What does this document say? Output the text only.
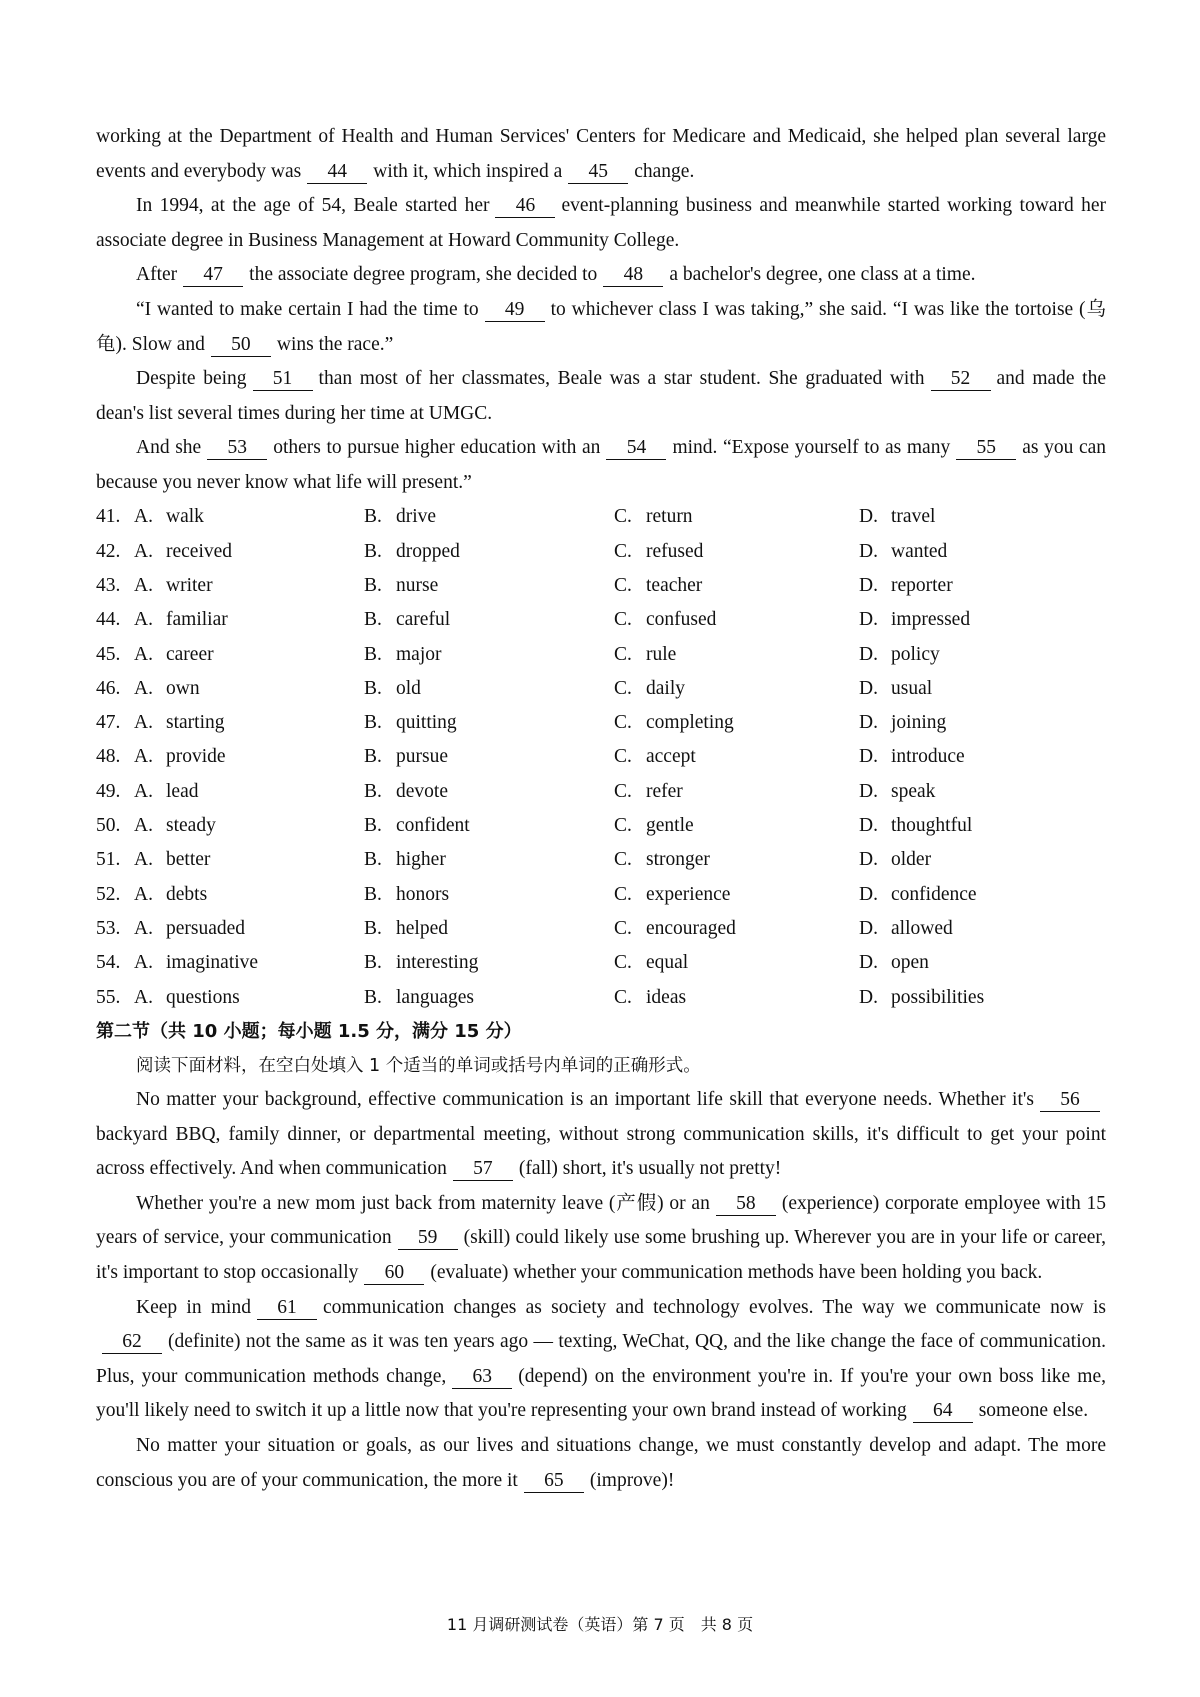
working at the Department of Health and Human Services' Centers for Medicare and Medicaid, she helped plan several large events and everybody was 44 with it, which inspired a 45 change.

In 1994, at the age of 54, Beale started her 46 event-planning business and meanwhile started working toward her associate degree in Business Management at Howard Community College.

After 47 the associate degree program, she decided to 48 a bachelor's degree, one class at a time.

“I wanted to make certain I had the time to 49 to whichever class I was taking,” she said. “I was like the tortoise (乌龟). Slow and 50 wins the race.”

Despite being 51 than most of her classmates, Beale was a star student. She graduated with 52 and made the dean's list several times during her time at UMGC.

And she 53 others to pursue higher education with an 54 mind. “Expose yourself to as many 55 as you can because you never know what life will present.”

41. A. walk	B. drive	C. return	D. travel
42. A. received	B. dropped	C. refused	D. wanted
43. A. writer	B. nurse	C. teacher	D. reporter
44. A. familiar	B. careful	C. confused	D. impressed
45. A. career	B. major	C. rule	D. policy
46. A. own	B. old	C. daily	D. usual
47. A. starting	B. quitting	C. completing	D. joining
48. A. provide	B. pursue	C. accept	D. introduce
49. A. lead	B. devote	C. refer	D. speak
50. A. steady	B. confident	C. gentle	D. thoughtful
51. A. better	B. higher	C. stronger	D. older
52. A. debts	B. honors	C. experience	D. confidence
53. A. persuaded	B. helped	C. encouraged	D. allowed
54. A. imaginative	B. interesting	C. equal	D. open
55. A. questions	B. languages	C. ideas	D. possibilities

第二节（共 10 小题；每小题 1.5 分，满分 15 分）

阅读下面材料，在空白处填入 1 个适当的单词或括号内单词的正确形式。

No matter your background, effective communication is an important life skill that everyone needs. Whether it's 56backyard BBQ, family dinner, or departmental meeting, without strong communication skills, it's difficult to get your point across effectively. And when communication 57 (fall) short, it's usually not pretty!

Whether you're a new mom just back from maternity leave (产假) or an 58 (experience) corporate employee with 15 years of service, your communication 59 (skill) could likely use some brushing up. Wherever you are in your life or career, it's important to stop occasionally 60 (evaluate) whether your communication methods have been holding you back.

Keep in mind 61 communication changes as society and technology evolves. The way we communicate now is62 (definite) not the same as it was ten years ago — texting, WeChat, QQ, and the like change the face of communication. Plus, your communication methods change, 63 (depend) on the environment you're in. If you're your own boss like me, you'll likely need to switch it up a little now that you're representing your own brand instead of working 64 someone else.

No matter your situation or goals, as our lives and situations change, we must constantly develop and adapt. The more conscious you are of your communication, the more it 65 (improve)!

11 月调研测试卷（英语）第 7 页　共 8 页
